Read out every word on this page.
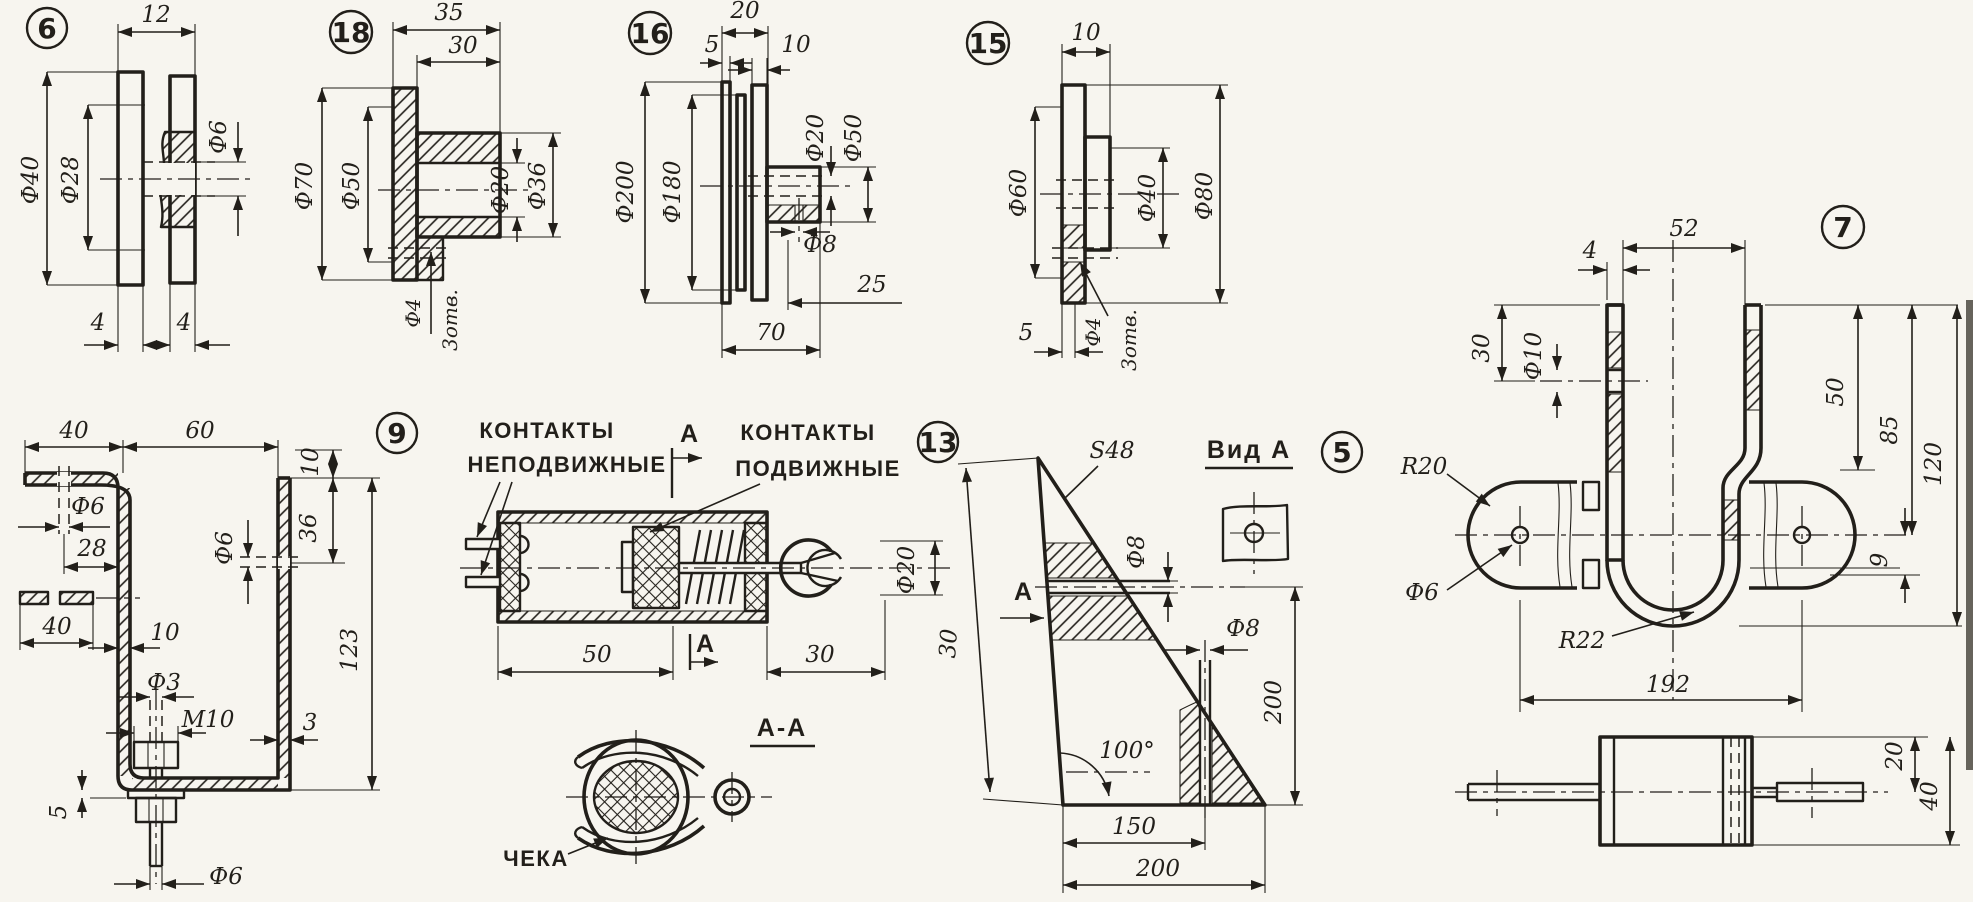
12
Ф40 Ф28
Ф6
4	4
6	35
30
Ф70 Ф50	Ф20 Ф36
Ф4 3отв.
18
20
5	10
Ф200 Ф180
Ф20 Ф50
Ф8
25
70
16	10
Ф60	Ф40 Ф80
5 Ф4 3отв.
15
52
4
30 Ф10
50
85
120
9
192
R20
Ф6
R22
20
40
7
40	60
10
Ф6
28
40
Ф6
36
10
Ф3
М10	3
123
5
Ф6
9	КОНТАКТЫ
НЕПОДВИЖНЫЕ
КОНТАКТЫ
ПОДВИЖНЫЕ
А
А
50	30
Ф20
ЧЕКА
А-А
S48
30
А
Ф8
Ф8
100°
200
150
200
13	Вид А 5
